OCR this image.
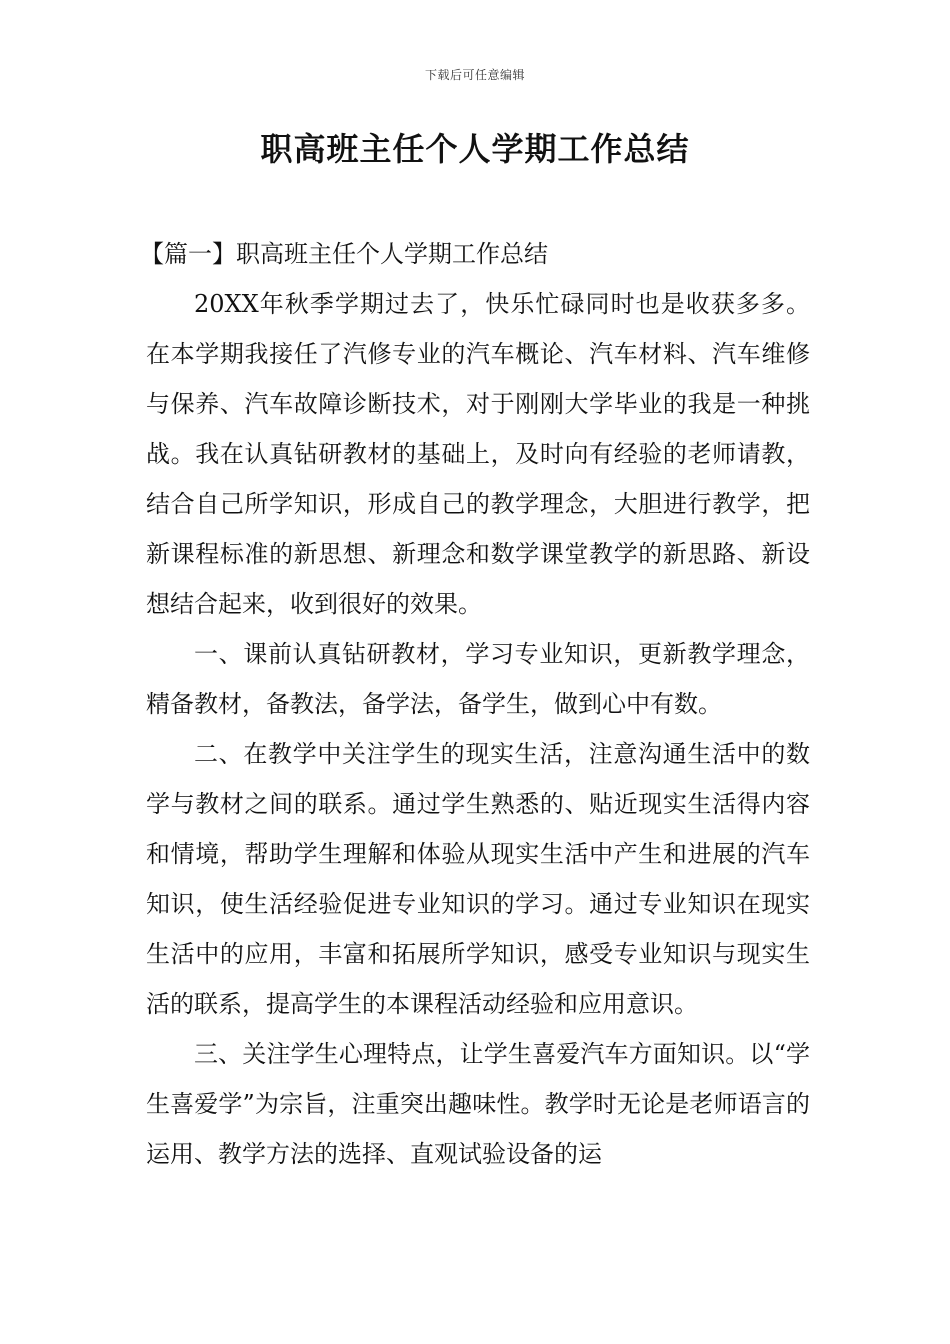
下载后可任意编辑
职高班主任个人学期工作总结

【篇一】职高班主任个人学期工作总结

20XX年秋季学期过去了，快乐忙碌同时也是收获多多。在本学期我接任了汽修专业的汽车概论、汽车材料、汽车维修与保养、汽车故障诊断技术，对于刚刚大学毕业的我是一种挑战。我在认真钻研教材的基础上，及时向有经验的老师请教，结合自己所学知识，形成自己的教学理念，大胆进行教学，把新课程标准的新思想、新理念和数学课堂教学的新思路、新设想结合起来，收到很好的效果。

一、课前认真钻研教材，学习专业知识，更新教学理念，精备教材，备教法，备学法，备学生，做到心中有数。

二、在教学中关注学生的现实生活，注意沟通生活中的数学与教材之间的联系。通过学生熟悉的、贴近现实生活得内容和情境，帮助学生理解和体验从现实生活中产生和进展的汽车知识，使生活经验促进专业知识的学习。通过专业知识在现实生活中的应用，丰富和拓展所学知识，感受专业知识与现实生活的联系，提高学生的本课程活动经验和应用意识。

三、关注学生心理特点，让学生喜爱汽车方面知识。以“学生喜爱学”为宗旨，注重突出趣味性。教学时无论是老师语言的运用、教学方法的选择、直观试验设备的运
